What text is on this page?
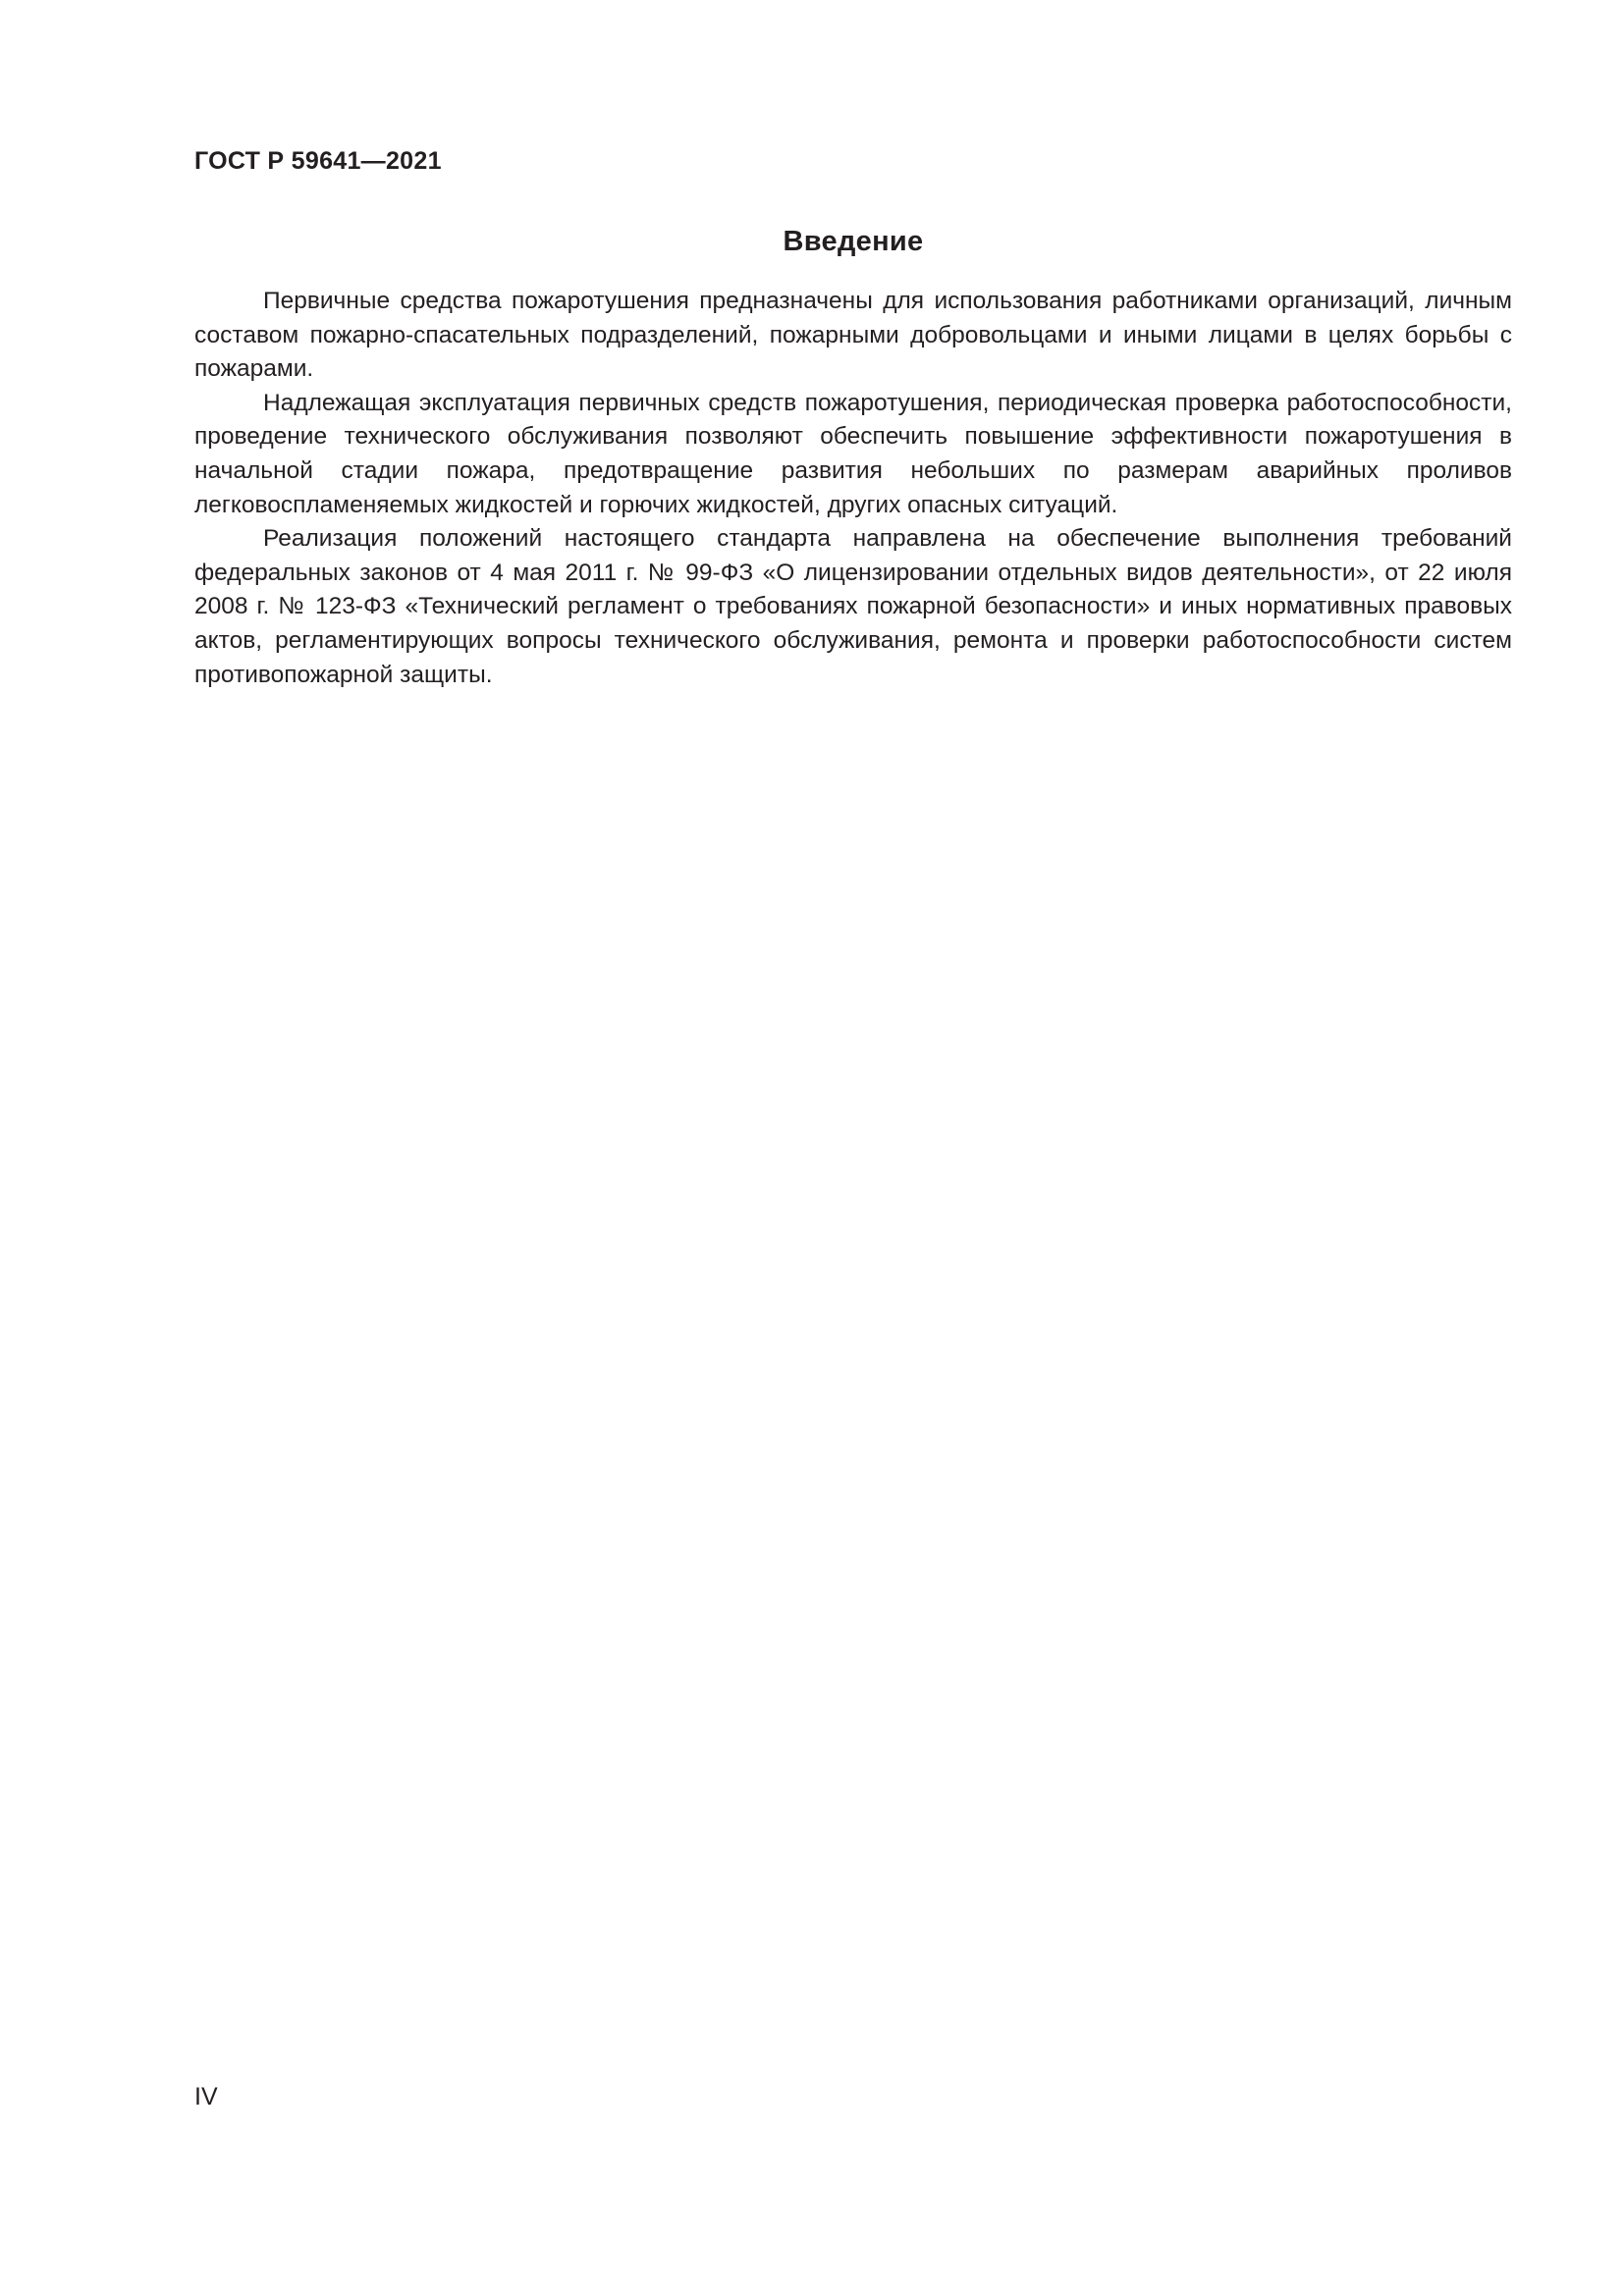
ГОСТ Р 59641—2021
Введение

Первичные средства пожаротушения предназначены для использования работниками организаций, личным составом пожарно-спасательных подразделений, пожарными добровольцами и иными лицами в целях борьбы с пожарами.

Надлежащая эксплуатация первичных средств пожаротушения, периодическая проверка работоспособности, проведение технического обслуживания позволяют обеспечить повышение эффективности пожаротушения в начальной стадии пожара, предотвращение развития небольших по размерам аварийных проливов легковоспламеняемых жидкостей и горючих жидкостей, других опасных ситуаций.

Реализация положений настоящего стандарта направлена на обеспечение выполнения требований федеральных законов от 4 мая 2011 г. № 99-ФЗ «О лицензировании отдельных видов деятельности», от 22 июля 2008 г. № 123-ФЗ «Технический регламент о требованиях пожарной безопасности» и иных нормативных правовых актов, регламентирующих вопросы технического обслуживания, ремонта и проверки работоспособности систем противопожарной защиты.

IV
